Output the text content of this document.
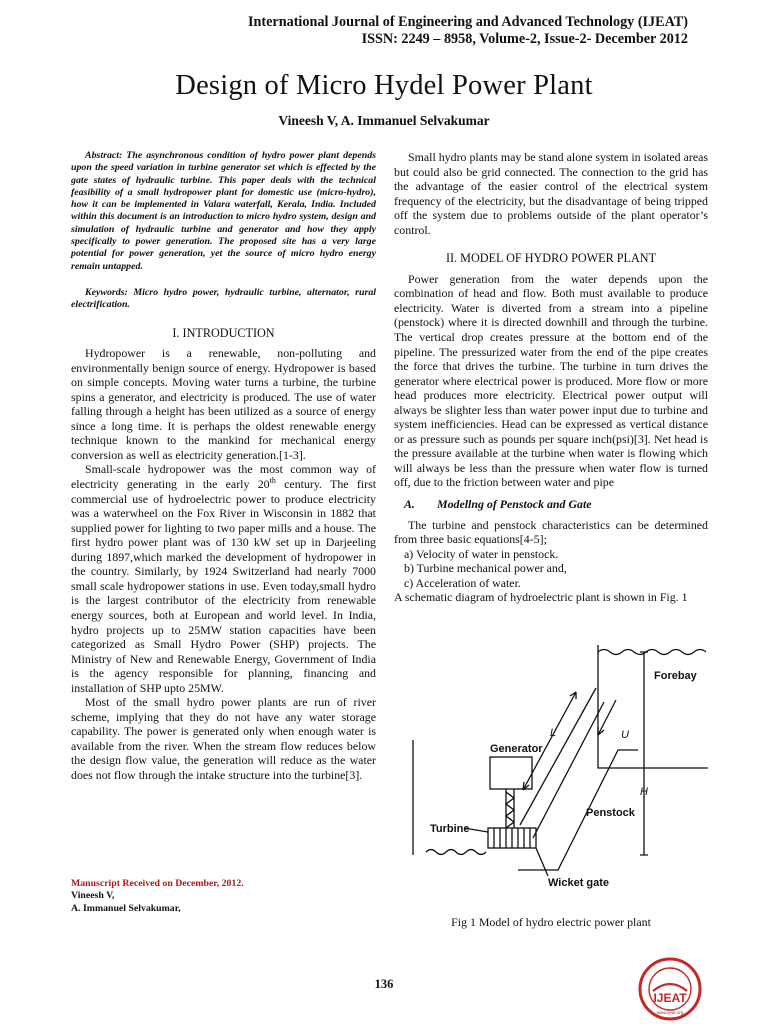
International Journal of Engineering and Advanced Technology (IJEAT)
ISSN: 2249 – 8958, Volume-2, Issue-2- December 2012
Design of Micro Hydel Power Plant
Vineesh V, A. Immanuel Selvakumar

Abstract: The asynchronous condition of hydro power plant depends upon the speed variation in turbine generator set which is effected by the gate states of hydraulic turbine. This paper deals with the technical feasibility of a small hydropower plant for domestic use (micro-hydro), how it can be implemented in Valara waterfall, Kerala, India. Included within this document is an introduction to micro hydro system, design and simulation of hydraulic turbine and generator and how they apply specifically to power generation. The proposed site has a very large potential for power generation, yet the source of micro hydro energy remain untapped.

Keywords: Micro hydro power, hydraulic turbine, alternator, rural electrification.

I. INTRODUCTION

Hydropower is a renewable, non-polluting and environmentally benign source of energy. Hydropower is based on simple concepts. Moving water turns a turbine, the turbine spins a generator, and electricity is produced. The use of water falling through a height has been utilized as a source of energy since a long time. It is perhaps the oldest renewable energy technique known to the mankind for mechanical energy conversion as well as electricity generation.[1-3].

Small-scale hydropower was the most common way of electricity generating in the early 20th century. The first commercial use of hydroelectric power to produce electricity was a waterwheel on the Fox River in Wisconsin in 1882 that supplied power for lighting to two paper mills and a house. The first hydro power plant was of 130 kW set up in Darjeeling during 1897,which marked the development of hydropower in the country. Similarly, by 1924 Switzerland had nearly 7000 small scale hydropower stations in use. Even today,small hydro is the largest contributor of the electricity from renewable energy sources, both at European and world level. In India, hydro projects up to 25MW station capacities have been categorized as Small Hydro Power (SHP) projects. The Ministry of New and Renewable Energy, Government of India is the agency responsible for planning, financing and installation of SHP upto 25MW.

Most of the small hydro power plants are run of river scheme, implying that they do not have any water storage capability. The power is generated only when enough water is available from the river. When the stream flow reduces below the design flow value, the generation will reduce as the water does not flow through the intake structure into the turbine[3].

Small hydro plants may be stand alone system in isolated areas but could also be grid connected. The connection to the grid has the advantage of the easier control of the electrical system frequency of the electricity, but the disadvantage of being tripped off the system due to problems outside of the plant operator’s control.

II. MODEL OF HYDRO POWER PLANT

Power generation from the water depends upon the combination of head and flow. Both must available to produce electricity. Water is diverted from a stream into a pipeline (penstock) where it is directed downhill and through the turbine. The vertical drop creates pressure at the bottom end of the pipeline. The pressurized water from the end of the pipe creates the force that drives the turbine. The turbine in turn drives the generator where electrical power is produced. More flow or more head produces more electricity. Electrical power output will always be slighter less than water power input due to turbine and system inefficiencies. Head can be expressed as vertical distance or as pressure such as pounds per square inch(psi)[3]. Net head is the pressure available at the turbine when water is flowing which will always be less than the pressure when water flow is turned off, due to the friction between water and pipe

A. Modellng of Penstock and Gate

The turbine and penstock characteristics can be determined from three basic equations[4-5];

a) Velocity of water in penstock.

b) Turbine mechanical power and,

c) Acceleration of water.

A schematic diagram of hydroelectric plant is shown in Fig. 1

Forebay
Generator
L	U
H
Penstock
Turbine
Wicket gate
Fig 1 Model of hydro electric power plant
Manuscript Received on December, 2012.
Vineesh V,
A. Immanuel Selvakumar,
136
IJEAT
www.ijeat.org
